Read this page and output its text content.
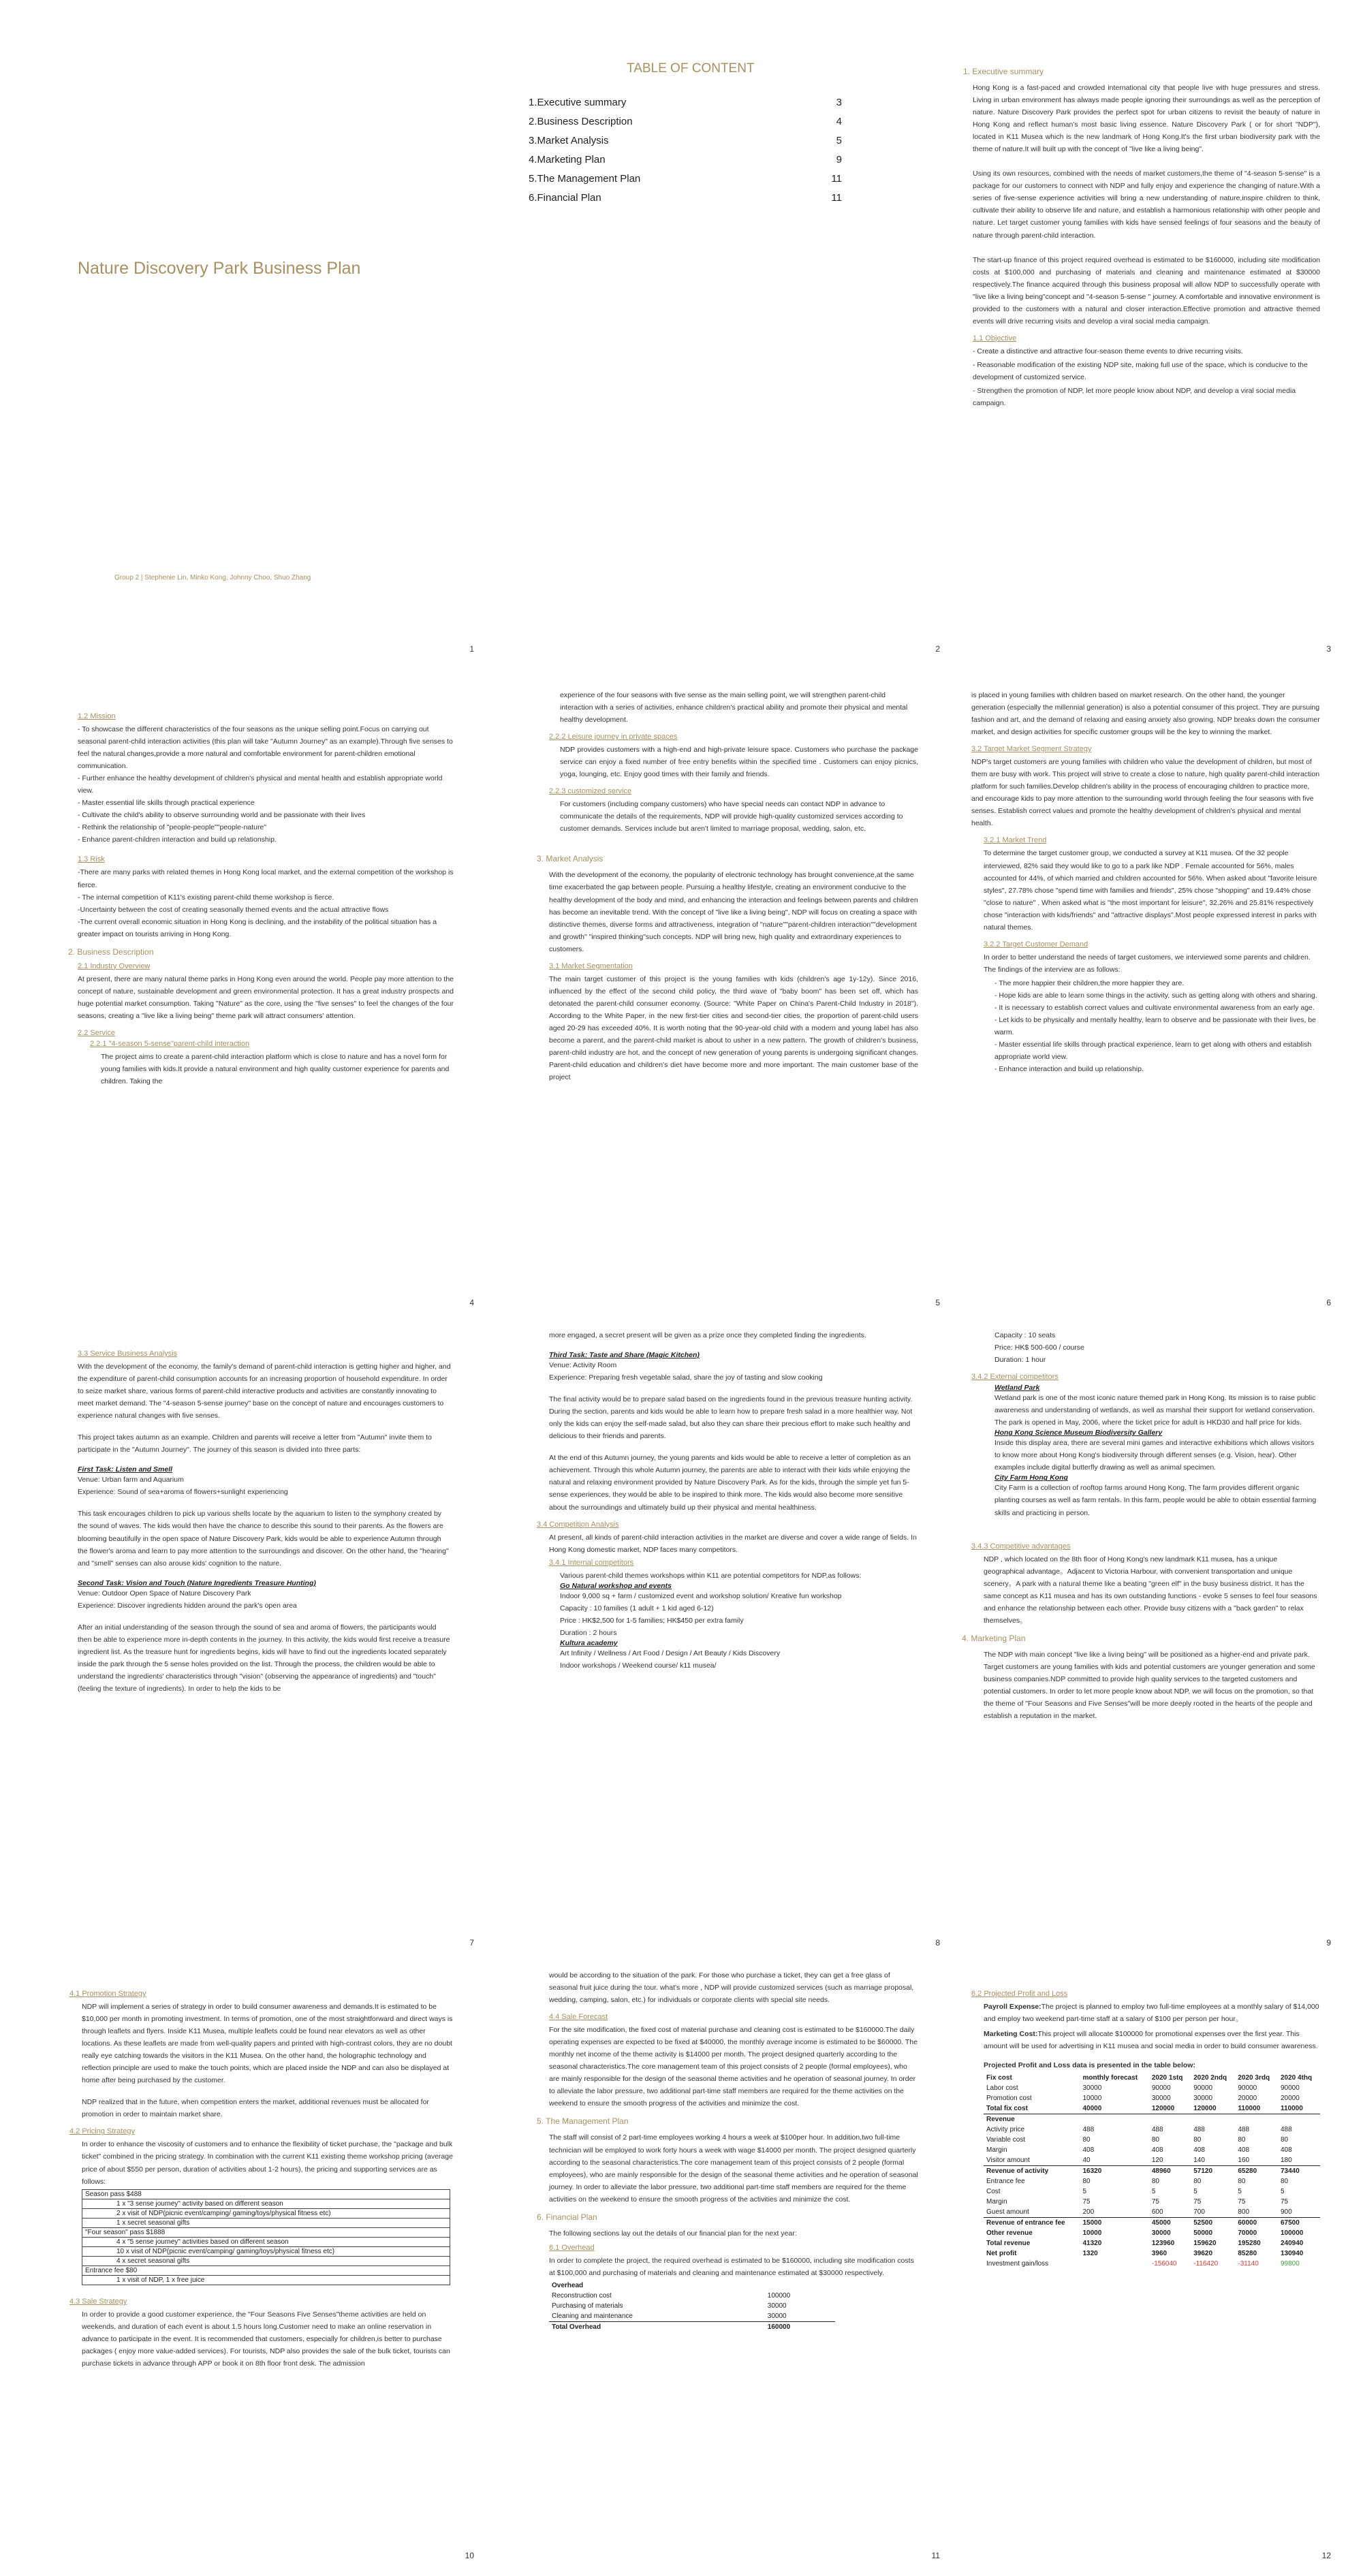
Nature Discovery Park Business Plan
Group 2 | Stephenie Lin, Minko Kong, Johnny Choo, Shuo Zhang
1
TABLE OF CONTENT
1.Executive summary	3
2.Business Description	4
3.Market Analysis	5
4.Marketing Plan	9
5.The Management Plan	11
6.Financial Plan	11
2
1. Executive summary

Hong Kong is a fast-paced and crowded international city that people live with huge pressures and stress. Living in urban environment has always made people ignoring their surroundings as well as the perception of nature. Nature Discovery Park provides the perfect spot for urban citizens to revisit the beauty of nature in Hong Kong and reflect human's most basic living essence. Nature Discovery Park ( or for short "NDP"), located in K11 Musea which is the new landmark of Hong Kong.It's the first urban biodiversity park with the theme of nature.It will built up with the concept of "live like a living being".

Using its own resources, combined with the needs of market customers,the theme of "4-season 5-sense" is a package for our customers to connect with NDP and fully enjoy and experience the changing of nature.With a series of five-sense experience activities will bring a new understanding of nature,inspire children to think, cultivate their ability to observe life and nature, and establish a harmonious relationship with other people and nature. Let target customer young families with kids have sensed feelings of four seasons and the beauty of nature through parent-child interaction.

The start-up finance of this project required overhead is estimated to be $160000, including site modification costs at $100,000 and purchasing of materials and cleaning and maintenance estimated at $30000 respectively.The finance acquired through this business proposal will allow NDP to successfully operate with "live like a living being"concept and "4-season 5-sense " journey. A comfortable and innovative environment is provided to the customers with a natural and closer interaction.Effective promotion and attractive themed events will drive recurring visits and develop a viral social media campaign.

1.1 Objective

- Create a distinctive and attractive four-season theme events to drive recurring visits.

- Reasonable modification of the existing NDP site, making full use of the space, which is conducive to the development of customized service.

- Strengthen the promotion of NDP, let more people know about NDP, and develop a viral social media campaign.

3
1.2 Mission

- To showcase the different characteristics of the four seasons as the unique selling point.Focus on carrying out seasonal parent-child interaction activities (this plan will take "Autumn Journey" as an example).Through five senses to feel the natural changes,provide a more natural and comfortable environment for parent-children emotional communication.

- Further enhance the healthy development of children's physical and mental health and establish appropriate world view.

- Master essential life skills through practical experience

- Cultivate the child's ability to observe surrounding world and be passionate with their lives

- Rethink the relationship of "people-people""people-nature"

- Enhance parent-children interaction and build up relationship.

1.3 Risk

-There are many parks with related themes in Hong Kong local market, and the external competition of the workshop is fierce.

- The internal competition of K11's existing parent-child theme workshop is fierce.

-Uncertainty between the cost of creating seasonally themed events and the actual attractive flows

-The current overall economic situation in Hong Kong is declining, and the instability of the political situation has a greater impact on tourists arriving in Hong Kong.

2. Business Description
2.1 Industry Overview

At present, there are many natural theme parks in Hong Kong even around the world. People pay more attention to the concept of nature, sustainable development and green environmental protection. It has a great industry prospects and huge potential market consumption. Taking "Nature" as the core, using the "five senses" to feel the changes of the four seasons, creating a "live like a living being" theme park will attract consumers' attention.

2.2 Service
2.2.1 "4-season 5-sense"parent-child interaction

The project aims to create a parent-child interaction platform which is close to nature and has a novel form for young families with kids.It provide a natural environment and high quality customer experience for parents and children. Taking the

4

experience of the four seasons with five sense as the main selling point, we will strengthen parent-child interaction with a series of activities, enhance children's practical ability and promote their physical and mental healthy development.

2.2.2 Leisure journey in private spaces

NDP provides customers with a high-end and high-private leisure space. Customers who purchase the package service can enjoy a fixed number of free entry benefits within the specified time . Customers can enjoy picnics, yoga, lounging, etc. Enjoy good times with their family and friends.

2.2.3 customized service

For customers (including company customers) who have special needs can contact NDP in advance to communicate the details of the requirements, NDP will provide high-quality customized services according to customer demands. Services include but aren't limited to marriage proposal, wedding, salon, etc.

3. Market Analysis

With the development of the economy, the popularity of electronic technology has brought convenience,at the same time exacerbated the gap between people. Pursuing a healthy lifestyle, creating an environment conducive to the healthy development of the body and mind, and enhancing the interaction and feelings between parents and children has become an inevitable trend. With the concept of "live like a living being", NDP will focus on creating a space with distinctive themes, diverse forms and attractiveness, integration of "nature""parent-children interaction""development and growth" "inspired thinking"such concepts. NDP will bring new, high quality and extraordinary experiences to customers.

3.1 Market Segmentation

The main target customer of this project is the young families with kids (children's age 1y-12y). Since 2016, influenced by the effect of the second child policy, the third wave of "baby boom" has been set off, which has detonated the parent-child consumer economy. (Source: "White Paper on China's Parent-Child Industry in 2018"). According to the White Paper, in the new first-tier cities and second-tier cities, the proportion of parent-child users aged 20-29 has exceeded 40%. It is worth noting that the 90-year-old child with a modern and young label has also become a parent, and the parent-child market is about to usher in a new pattern. The growth of children's business, parent-child industry are hot, and the concept of new generation of young parents is undergoing significant changes. Parent-child education and children's diet have become more and more important. The main customer base of the project

5

is placed in young families with children based on market research. On the other hand, the younger generation (especially the millennial generation) is also a potential consumer of this project. They are pursuing fashion and art, and the demand of relaxing and easing anxiety also growing. NDP breaks down the consumer market, and design activities for specific customer groups will be the key to winning the market.

3.2 Target Market Segment Strategy

NDP's target customers are young families with children who value the development of children, but most of them are busy with work. This project will strive to create a close to nature, high quality parent-child interaction platform for such families.Develop children's ability in the process of encouraging children to practice more, and encourage kids to pay more attention to the surrounding world through feeling the four seasons with five senses. Establish correct values and promote the healthy development of children's physical and mental health.

3.2.1 Market Trend

To determine the target customer group, we conducted a survey at K11 musea. Of the 32 people interviewed, 82% said they would like to go to a park like NDP . Female accounted for 56%, males accounted for 44%, of which married and children accounted for 56%. When asked about "favorite leisure styles", 27.78% chose "spend time with families and friends", 25% chose "shopping" and 19.44% chose "close to nature" . When asked what is "the most important for leisure", 32.26% and 25.81% respectively chose "interaction with kids/friends" and "attractive displays".Most people expressed interest in parks with natural themes.

3.2.2 Target Customer Demand

In order to better understand the needs of target customers, we interviewed some parents and children. The findings of the interview are as follows:

- The more happier their children,the more happier they are.

- Hope kids are able to learn some things in the activity, such as getting along with others and sharing.

- It is necessary to establish correct values and cultivate environmental awareness from an early age.

- Let kids to be physically and mentally healthy, learn to observe and be passionate with their lives, be warm.

- Master essential life skills through practical experience, learn to get along with others and establish appropriate world view.

- Enhance interaction and build up relationship.

6
3.3 Service Business Analysis

With the development of the economy, the family's demand of parent-child interaction is getting higher and higher, and the expenditure of parent-child consumption accounts for an increasing proportion of household expenditure. In order to seize market share, various forms of parent-child interactive products and activities are constantly innovating to meet market demand. The "4-season 5-sense journey" base on the concept of nature and encourages customers to experience natural changes with five senses.

This project takes autumn as an example. Children and parents will receive a letter from "Autumn" invite them to participate in the "Autumn Journey". The journey of this season is divided into three parts:

First Task: Listen and Smell

Venue: Urban farm and Aquarium

Experience: Sound of sea+aroma of flowers+sunlight experiencing

This task encourages children to pick up various shells locate by the aquarium to listen to the symphony created by the sound of waves. The kids would then have the chance to describe this sound to their parents. As the flowers are blooming beautifully in the open space of Nature Discovery Park, kids would be able to experience Autumn through the flower's aroma and learn to pay more attention to the surroundings and discover. On the other hand, the "hearing" and "smell" senses can also arouse kids' cognition to the nature.

Second Task: Vision and Touch (Nature Ingredients Treasure Hunting)

Venue: Outdoor Open Space of Nature Discovery Park

Experience: Discover ingredients hidden around the park's open area

After an initial understanding of the season through the sound of sea and aroma of flowers, the participants would then be able to experience more in-depth contents in the journey. In this activity, the kids would first receive a treasure ingredient list. As the treasure hunt for ingredients begins, kids will have to find out the ingredients located separately inside the park through the 5 sense holes provided on the list. Through the process, the children would be able to understand the ingredients' characteristics through "vision" (observing the appearance of ingredients) and "touch" (feeling the texture of ingredients). In order to help the kids to be

7

more engaged, a secret present will be given as a prize once they completed finding the ingredients.

Third Task: Taste and Share (Magic Kitchen)

Venue: Activity Room

Experience: Preparing fresh vegetable salad, share the joy of tasting and slow cooking

The final activity would be to prepare salad based on the ingredients found in the previous treasure hunting activity. During the section, parents and kids would be able to learn how to prepare fresh salad in a more healthier way. Not only the kids can enjoy the self-made salad, but also they can share their precious effort to make such healthy and delicious to their friends and parents.

At the end of this Autumn journey, the young parents and kids would be able to receive a letter of completion as an achievement. Through this whole Autumn journey, the parents are able to interact with their kids while enjoying the natural and relaxing environment provided by Nature Discovery Park. As for the kids, through the simple yet fun 5-sense experiences, they would be able to be inspired to think more. The kids would also become more sensitive about the surroundings and ultimately build up their physical and mental healthiness.

3.4 Competition Analysis

At present, all kinds of parent-child interaction activities in the market are diverse and cover a wide range of fields. In Hong Kong domestic market, NDP faces many competitors.

3.4.1 Internal competitors

Various parent-child themes workshops within K11 are potential competitors for NDP,as follows:

Go Natural workshop and events

Indoor 9,000 sq + farm / customized event and workshop solution/ Kreative fun workshop

Capacity : 10 families (1 adult + 1 kid aged 6-12)

Price : HK$2,500 for 1-5 families; HK$450 per extra family

Duration : 2 hours

Kultura academy

Art Infinity / Wellness / Art Food / Design / Art Beauty / Kids Discovery

Indoor workshops / Weekend course/ k11 musea/

8

Capacity : 10 seats

Price: HK$ 500-600 / course

Duration: 1 hour

3.4.2 External competitors
Wetland Park

Wetland park is one of the most iconic nature themed park in Hong Kong. Its mission is to raise public awareness and understanding of wetlands, as well as marshal their support for wetland conservation. The park is opened in May, 2006, where the ticket price for adult is HKD30 and half price for kids.

Hong Kong Science Museum Biodiversity Gallery

Inside this display area, there are several mini games and interactive exhibitions which allows visitors to know more about Hong Kong's biodiversity through different senses (e.g. Vision, hear). Other examples include digital butterfly drawing as well as animal specimen.

City Farm Hong Kong

City Farm is a collection of rooftop farms around Hong Kong. The farm provides different organic planting courses as well as farm rentals. In this farm, people would be able to obtain essential farming skills and practicing in person.

3.4.3 Competitive advantages

NDP , which located on the 8th floor of Hong Kong's new landmark K11 musea, has a unique geographical advantage。Adjacent to Victoria Harbour, with convenient transportation and unique scenery。A park with a natural theme like a beating "green elf" in the busy business district. It has the same concept as K11 musea and has its own outstanding functions - evoke 5 senses to feel four seasons and enhance the relationship between each other. Provide busy citizens with a "back garden" to relax themselves。

4. Marketing Plan

The NDP with main concept "live like a living being" will be positioned as a higher-end and private park. Target customers are young families with kids and potential customers are younger generation and some business companies.NDP committed to provide high quality services to the targeted customers and potential customers. In order to let more people know about NDP, we will focus on the promotion, so that the theme of "Four Seasons and Five Senses"will be more deeply rooted in the hearts of the people and establish a reputation in the market.

9
4.1 Promotion Strategy

NDP will implement a series of strategy in order to build consumer awareness and demands.It is estimated to be $10,000 per month in promoting investment. In terms of promotion, one of the most straightforward and direct ways is through leaflets and flyers. Inside K11 Musea, multiple leaflets could be found near elevators as well as other locations. As these leaflets are made from well-quality papers and printed with high-contrast colors, they are no doubt really eye catching towards the visitors in the K11 Musea. On the other hand, the holographic technology and reflection principle are used to make the touch points, which are placed inside the NDP and can also be displayed at home after being purchased by the customer.

NDP realized that in the future, when competition enters the market, additional revenues must be allocated for promotion in order to maintain market share.

4.2 Pricing Strategy

In order to enhance the viscosity of customers and to enhance the flexibility of ticket purchase, the "package and bulk ticket" combined in the pricing strategy. In combination with the current K11 existing theme workshop pricing (average price of about $550 per person, duration of activities about 1-2 hours), the pricing and supporting services are as follows:

Season pass $488
1 x "3 sense journey" activity based on different season
2 x visit of NDP(picnic event/camping/ gaming/toys/physical fitness etc)
1 x secret seasonal gifts
"Four season" pass $1888
4 x "5 sense journey" activities based on different season
10 x visit of NDP(picnic event/camping/ gaming/toys/physical fitness etc)
4 x secret seasonal gifts
Entrance fee $80
1 x visit of NDP, 1 x free juice
4.3 Sale Strategy

In order to provide a good customer experience, the "Four Seasons Five Senses"theme activities are held on weekends, and duration of each event is about 1.5 hours long.Customer need to make an online reservation in advance to participate in the event. It is recommended that customers, especially for children,is better to purchase packages ( enjoy more value-added services). For tourists, NDP also provides the sale of the bulk ticket, tourists can purchase tickets in advance through APP or book it on 8th floor front desk. The admission

10

would be according to the situation of the park. For those who purchase a ticket, they can get a free glass of seasonal fruit juice during the tour. what's more , NDP will provide customized services (such as marriage proposal, wedding, camping, salon, etc.) for individuals or corporate clients with special site needs.

4.4 Sale Forecast

For the site modification, the fixed cost of material purchase and cleaning cost is estimated to be $160000.The daily operating expenses are expected to be fixed at $40000, the monthly average income is estimated to be $60000. The monthly net income of the theme activity is $14000 per month. The project designed quarterly according to the seasonal characteristics.The core management team of this project consists of 2 people (formal employees), who are mainly responsible for the design of the seasonal theme activities and he operation of seasonal journey. In order to alleviate the labor pressure, two additional part-time staff members are required for the theme activities on the weekend to ensure the smooth progress of the activities and minimize the cost.

5. The Management Plan

The staff will consist of 2 part-time employees working 4 hours a week at $100per hour. In addition,two full-time technician will be employed to work forty hours a week with wage $14000 per month. The project designed quarterly according to the seasonal characteristics.The core management team of this project consists of 2 people (formal employees), who are mainly responsible for the design of the seasonal theme activities and he operation of seasonal journey. In order to alleviate the labor pressure, two additional part-time staff members are required for the theme activities on the weekend to ensure the smooth progress of the activities and minimize the cost.

6. Financial Plan

The following sections lay out the details of our financial plan for the next year:

6.1 Overhead

In order to complete the project, the required overhead is estimated to be $160000, including site modification costs at $100,000 and purchasing of materials and cleaning and maintenance estimated at $30000 respectively.

Overhead	
Reconstruction cost	100000
Purchasing of materials	30000
Cleaning and maintenance	30000
Total Overhead	160000
11
6.2 Projected Profit and Loss

Payroll Expense:The project is planned to employ two full-time employees at a monthly salary of $14,000 and employ two weekend part-time staff at a salary of $100 per person per hour。

Marketing Cost:This project will allocate $100000 for promotional expenses over the first year. This amount will be used for advertising in K11 musea and social media in order to build consumer awareness.

Projected Profit and Loss data is presented in the table below:

Fix cost	monthly forecast	2020 1stq	2020 2ndq	2020 3rdq	2020 4thq
Labor cost	30000	90000	90000	90000	90000
Promotion cost	10000	30000	30000	20000	20000
Total fix cost	40000	120000	120000	110000	110000
Revenue					
Activity price	488	488	488	488	488
Variable cost	80	80	80	80	80
Margin	408	408	408	408	408
Visitor amount	40	120	140	160	180
Revenue of activity	16320	48960	57120	65280	73440
Entrance fee	80	80	80	80	80
Cost	5	5	5	5	5
Margin	75	75	75	75	75
Guest amount	200	600	700	800	900
Revenue of entrance fee	15000	45000	52500	60000	67500
Other revenue	10000	30000	50000	70000	100000
Total revenue	41320	123960	159620	195280	240940
Net profit	1320	3960	39620	85280	130940
Investment gain/loss		-156040	-116420	-31140	99800
12
